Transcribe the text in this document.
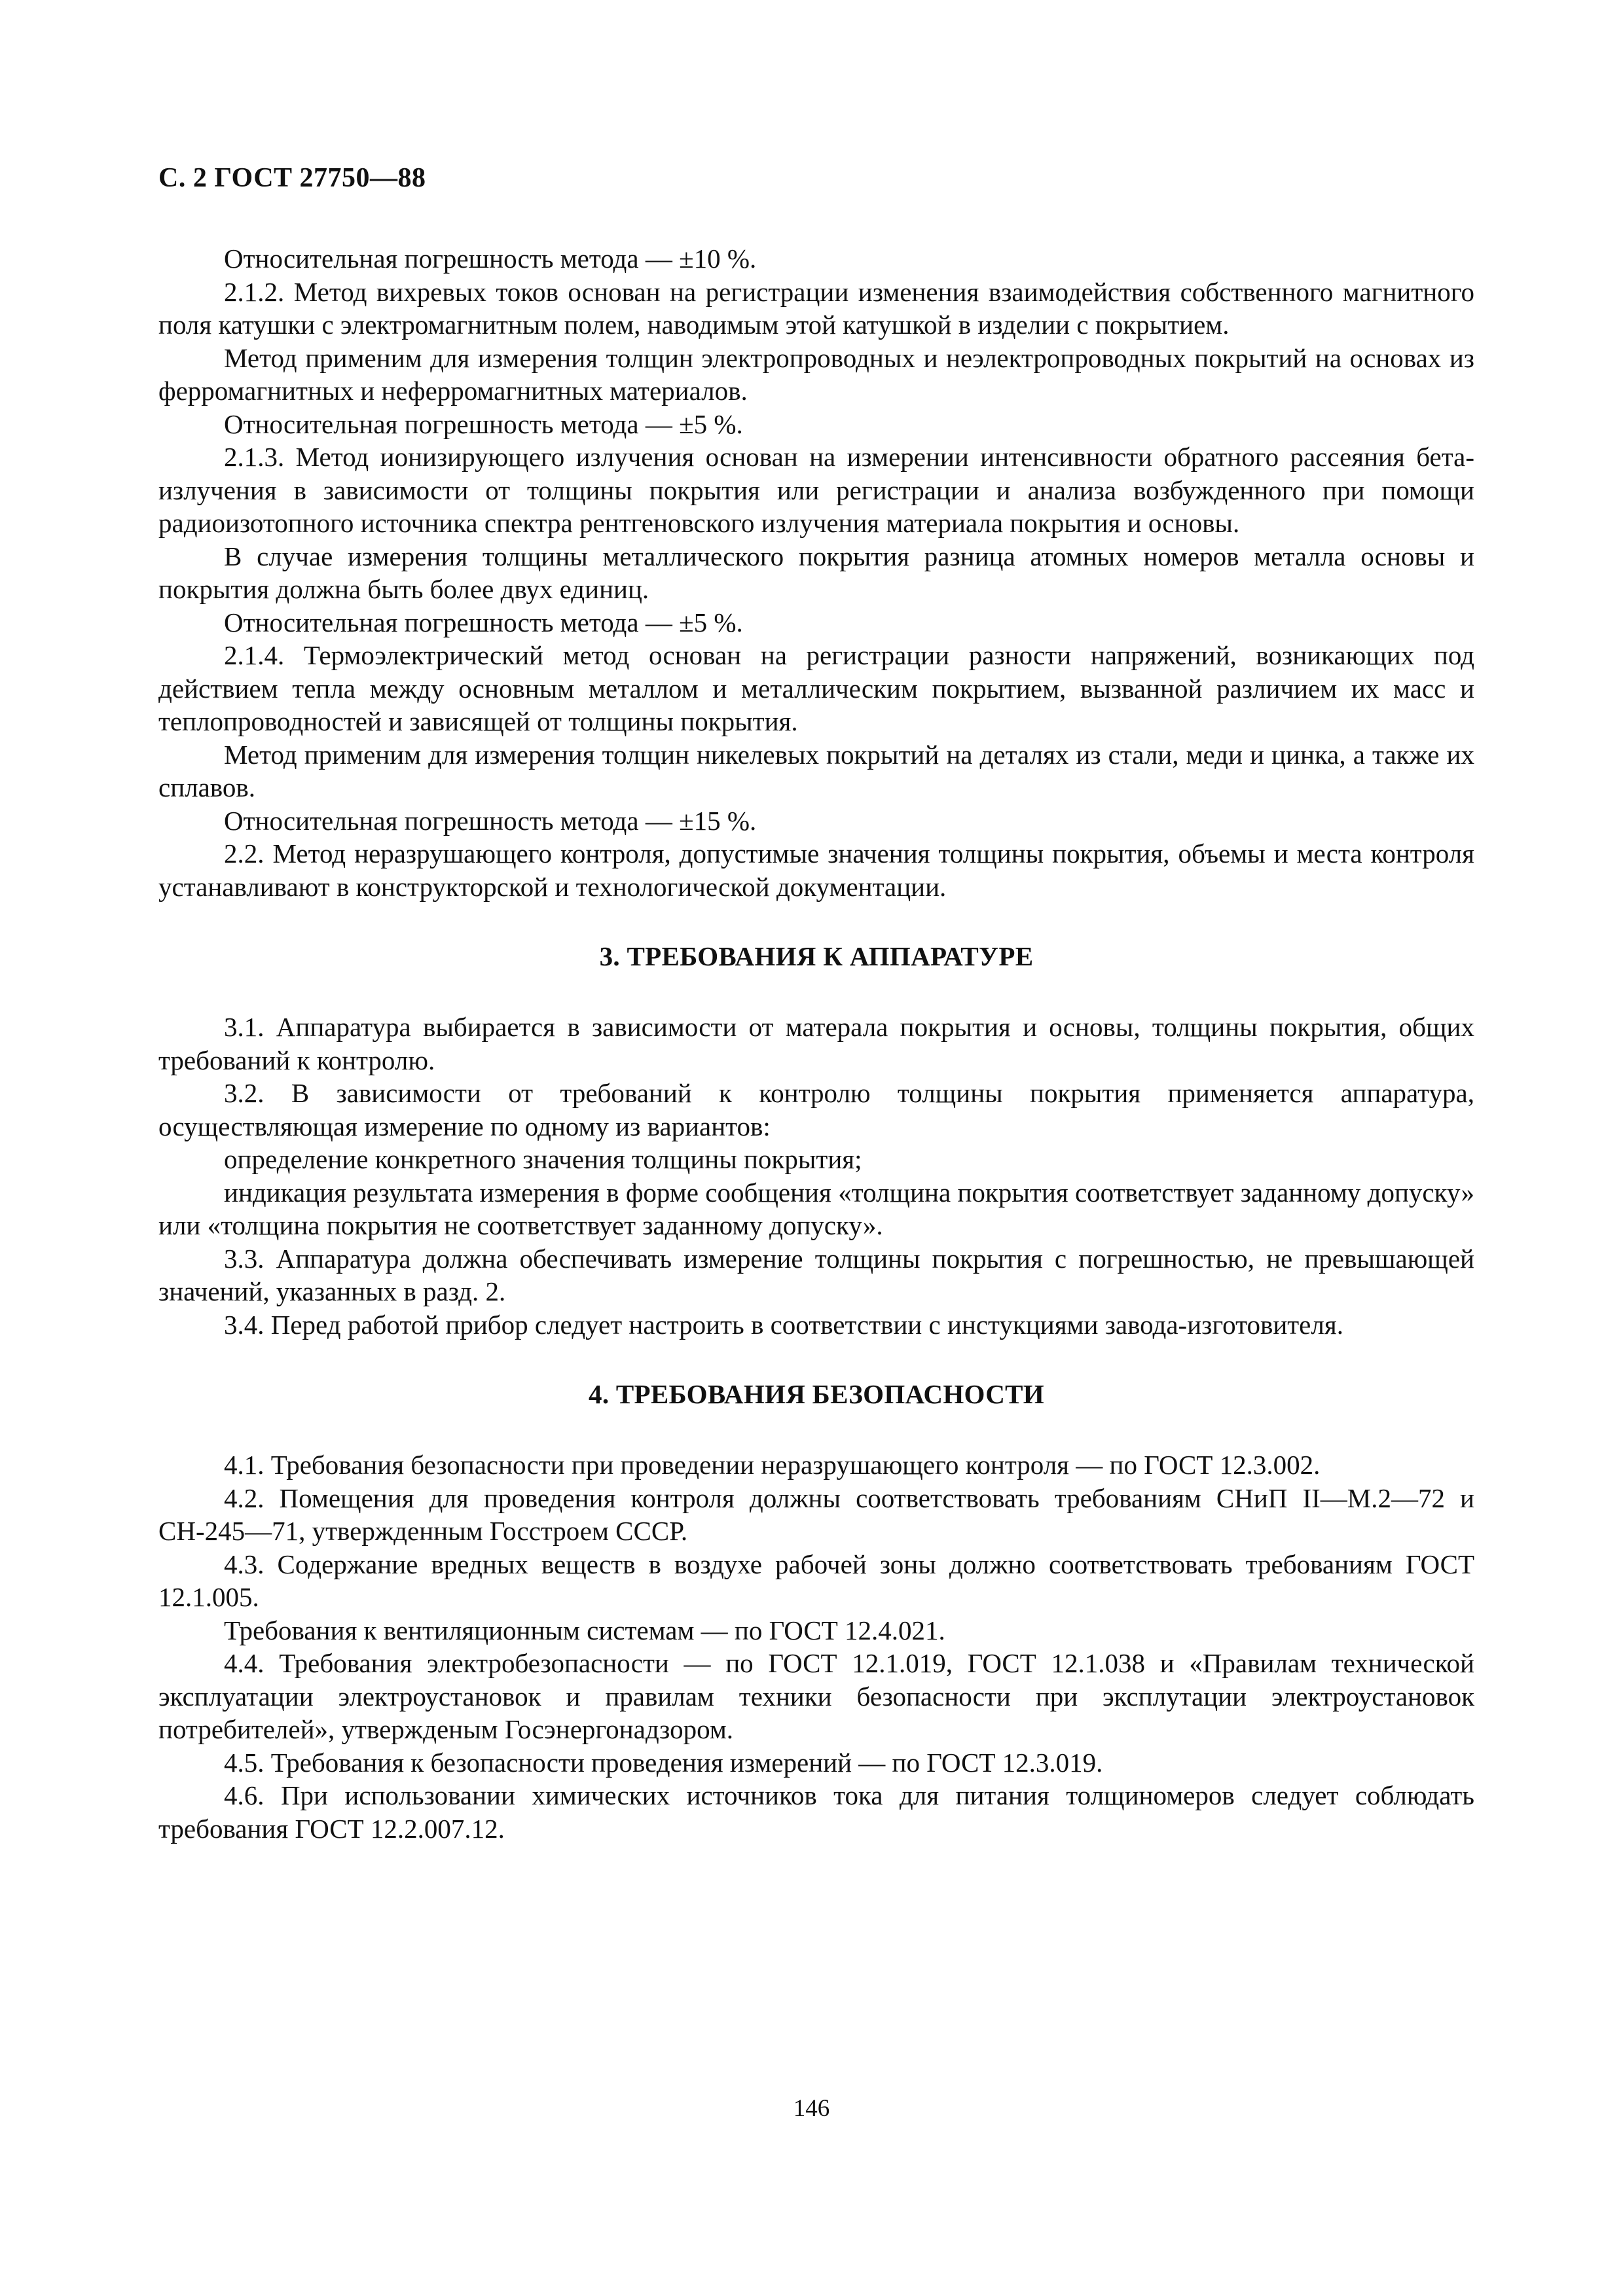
С. 2 ГОСТ 27750—88

Относительная погрешность метода — ±10 %.

2.1.2. Метод вихревых токов основан на регистрации изменения взаимодействия собственного магнитного поля катушки с электромагнитным полем, наводимым этой катушкой в изделии с покрытием.

Метод применим для измерения толщин электропроводных и неэлектропроводных покрытий на основах из ферромагнитных и неферромагнитных материалов.

Относительная погрешность метода — ±5 %.

2.1.3. Метод ионизирующего излучения основан на измерении интенсивности обратного рассеяния бета-излучения в зависимости от толщины покрытия или регистрации и анализа возбужденного при помощи радиоизотопного источника спектра рентгеновского излучения материала покрытия и основы.

В случае измерения толщины металлического покрытия разница атомных номеров металла основы и покрытия должна быть более двух единиц.

Относительная погрешность метода — ±5 %.

2.1.4. Термоэлектрический метод основан на регистрации разности напряжений, возникающих под действием тепла между основным металлом и металлическим покрытием, вызванной различием их масс и теплопроводностей и зависящей от толщины покрытия.

Метод применим для измерения толщин никелевых покрытий на деталях из стали, меди и цинка, а также их сплавов.

Относительная погрешность метода — ±15 %.

2.2. Метод неразрушающего контроля, допустимые значения толщины покрытия, объемы и места контроля устанавливают в конструкторской и технологической документации.

3. ТРЕБОВАНИЯ К АППАРАТУРЕ

3.1. Аппаратура выбирается в зависимости от матерала покрытия и основы, толщины покрытия, общих требований к контролю.

3.2. В зависимости от требований к контролю толщины покрытия применяется аппаратура, осуществляющая измерение по одному из вариантов:

определение конкретного значения толщины покрытия;

индикация результата измерения в форме сообщения «толщина покрытия соответствует заданному допуску» или «толщина покрытия не соответствует заданному допуску».

3.3. Аппаратура должна обеспечивать измерение толщины покрытия с погрешностью, не превышающей значений, указанных в разд. 2.

3.4. Перед работой прибор следует настроить в соответствии с инстукциями завода-изготовителя.

4. ТРЕБОВАНИЯ БЕЗОПАСНОСТИ

4.1. Требования безопасности при проведении неразрушающего контроля — по ГОСТ 12.3.002.

4.2. Помещения для проведения контроля должны соответствовать требованиям СНиП II—М.2—72 и СН-245—71, утвержденным Госстроем СССР.

4.3. Содержание вредных веществ в воздухе рабочей зоны должно соответствовать требованиям ГОСТ 12.1.005.

Требования к вентиляционным системам — по ГОСТ 12.4.021.

4.4. Требования электробезопасности — по ГОСТ 12.1.019, ГОСТ 12.1.038 и «Правилам технической эксплуатации электроустановок и правилам техники безопасности при эксплутации электроустановок потребителей», утвержденым Госэнергонадзором.

4.5. Требования к безопасности проведения измерений — по ГОСТ 12.3.019.

4.6. При использовании химических источников тока для питания толщиномеров следует соблюдать требования ГОСТ 12.2.007.12.

146
